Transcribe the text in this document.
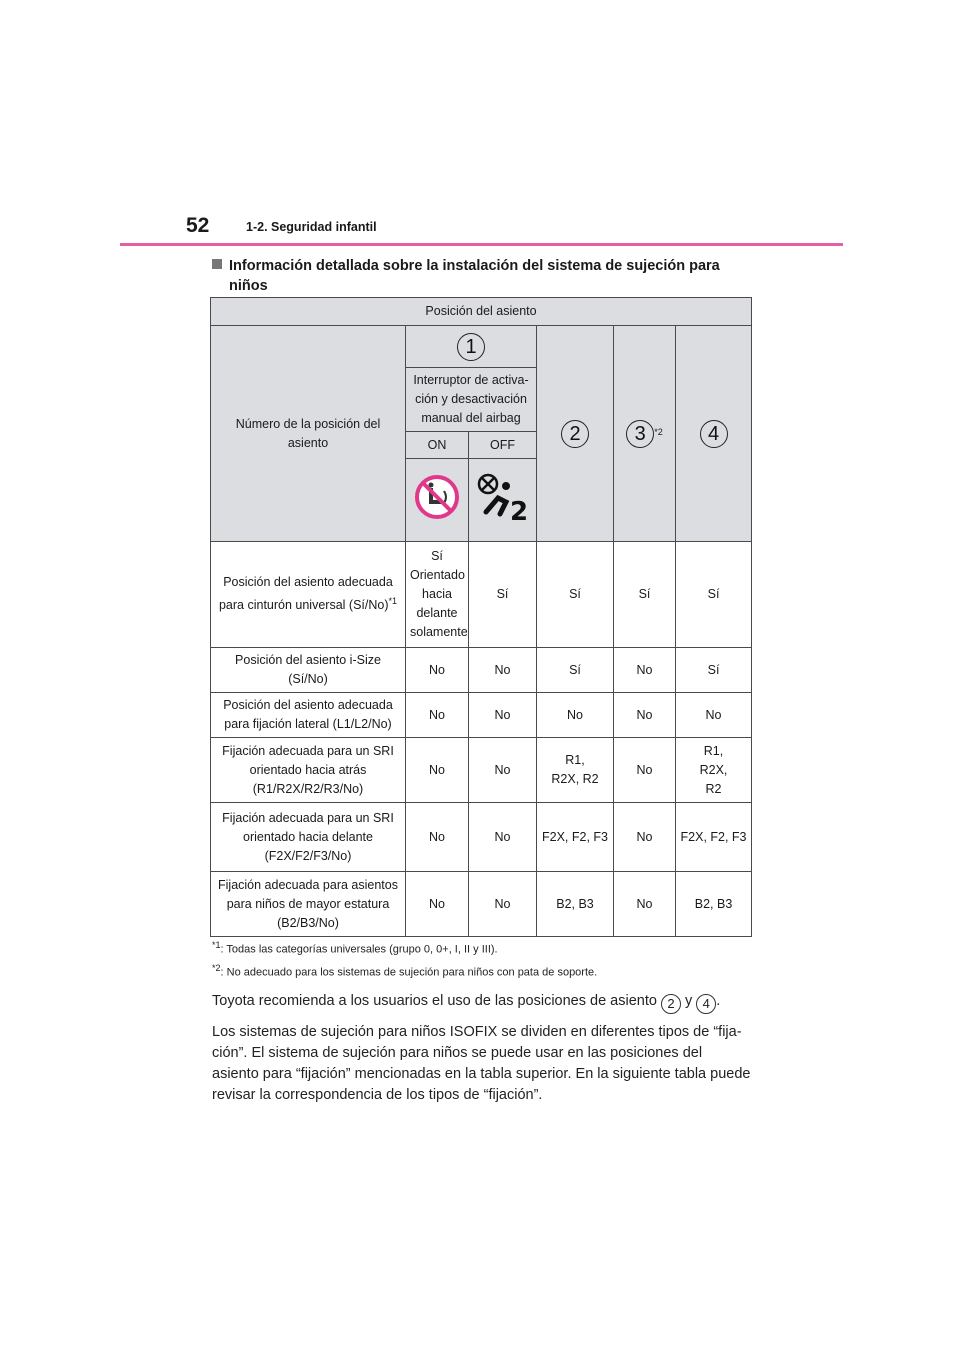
52	1-2. Seguridad infantil
Información detallada sobre la instalación del sistema de sujeción para
niños
Posición del asiento					

Número de la posición del asiento	1		2	3 $^{*2}$	4

	Interruptor de activa-ción y desactivación manual del airbag				

	ON	OFF			

2			

Posición del asiento adecuada para cinturón universal (Sí/No)$^{*1}$	Sí Orientado hacia delante solamente	Sí	Sí	Sí	Sí

Posición del asiento i-Size (Sí/No)	No	No	Sí	No	Sí

Posición del asiento adecuada para fijación lateral (L1/L2/No)	No	No	No	No	No

Fijación adecuada para un SRI orientado hacia atrás (R1/R2X/R2/R3/No)	No	No	R1, R2X, R2	No	R1, R2X, R2

Fijación adecuada para un SRI orientado hacia delante (F2X/F2/F3/No)	No	No	F2X, F2, F3	No	F2X, F2, F3

Fijación adecuada para asientos para niños de mayor estatura (B2/B3/No)	No	No	B2, B3	No	B2, B3
$^{*1}$: Todas las categorías universales (grupo 0, 0+, I, II y III).
$^{*2}$: No adecuado para los sistemas de sujeción para niños con pata de soporte.

Toyota recomienda a los usuarios el uso de las posiciones de asiento 2 y 4 .

Los sistemas de sujeción para niños ISOFIX se dividen en diferentes tipos de “fija-ción”. El sistema de sujeción para niños se puede usar en las posiciones del asiento para “fijación” mencionadas en la tabla superior. En la siguiente tabla puede revisar la correspondencia de los tipos de “fijación”.
